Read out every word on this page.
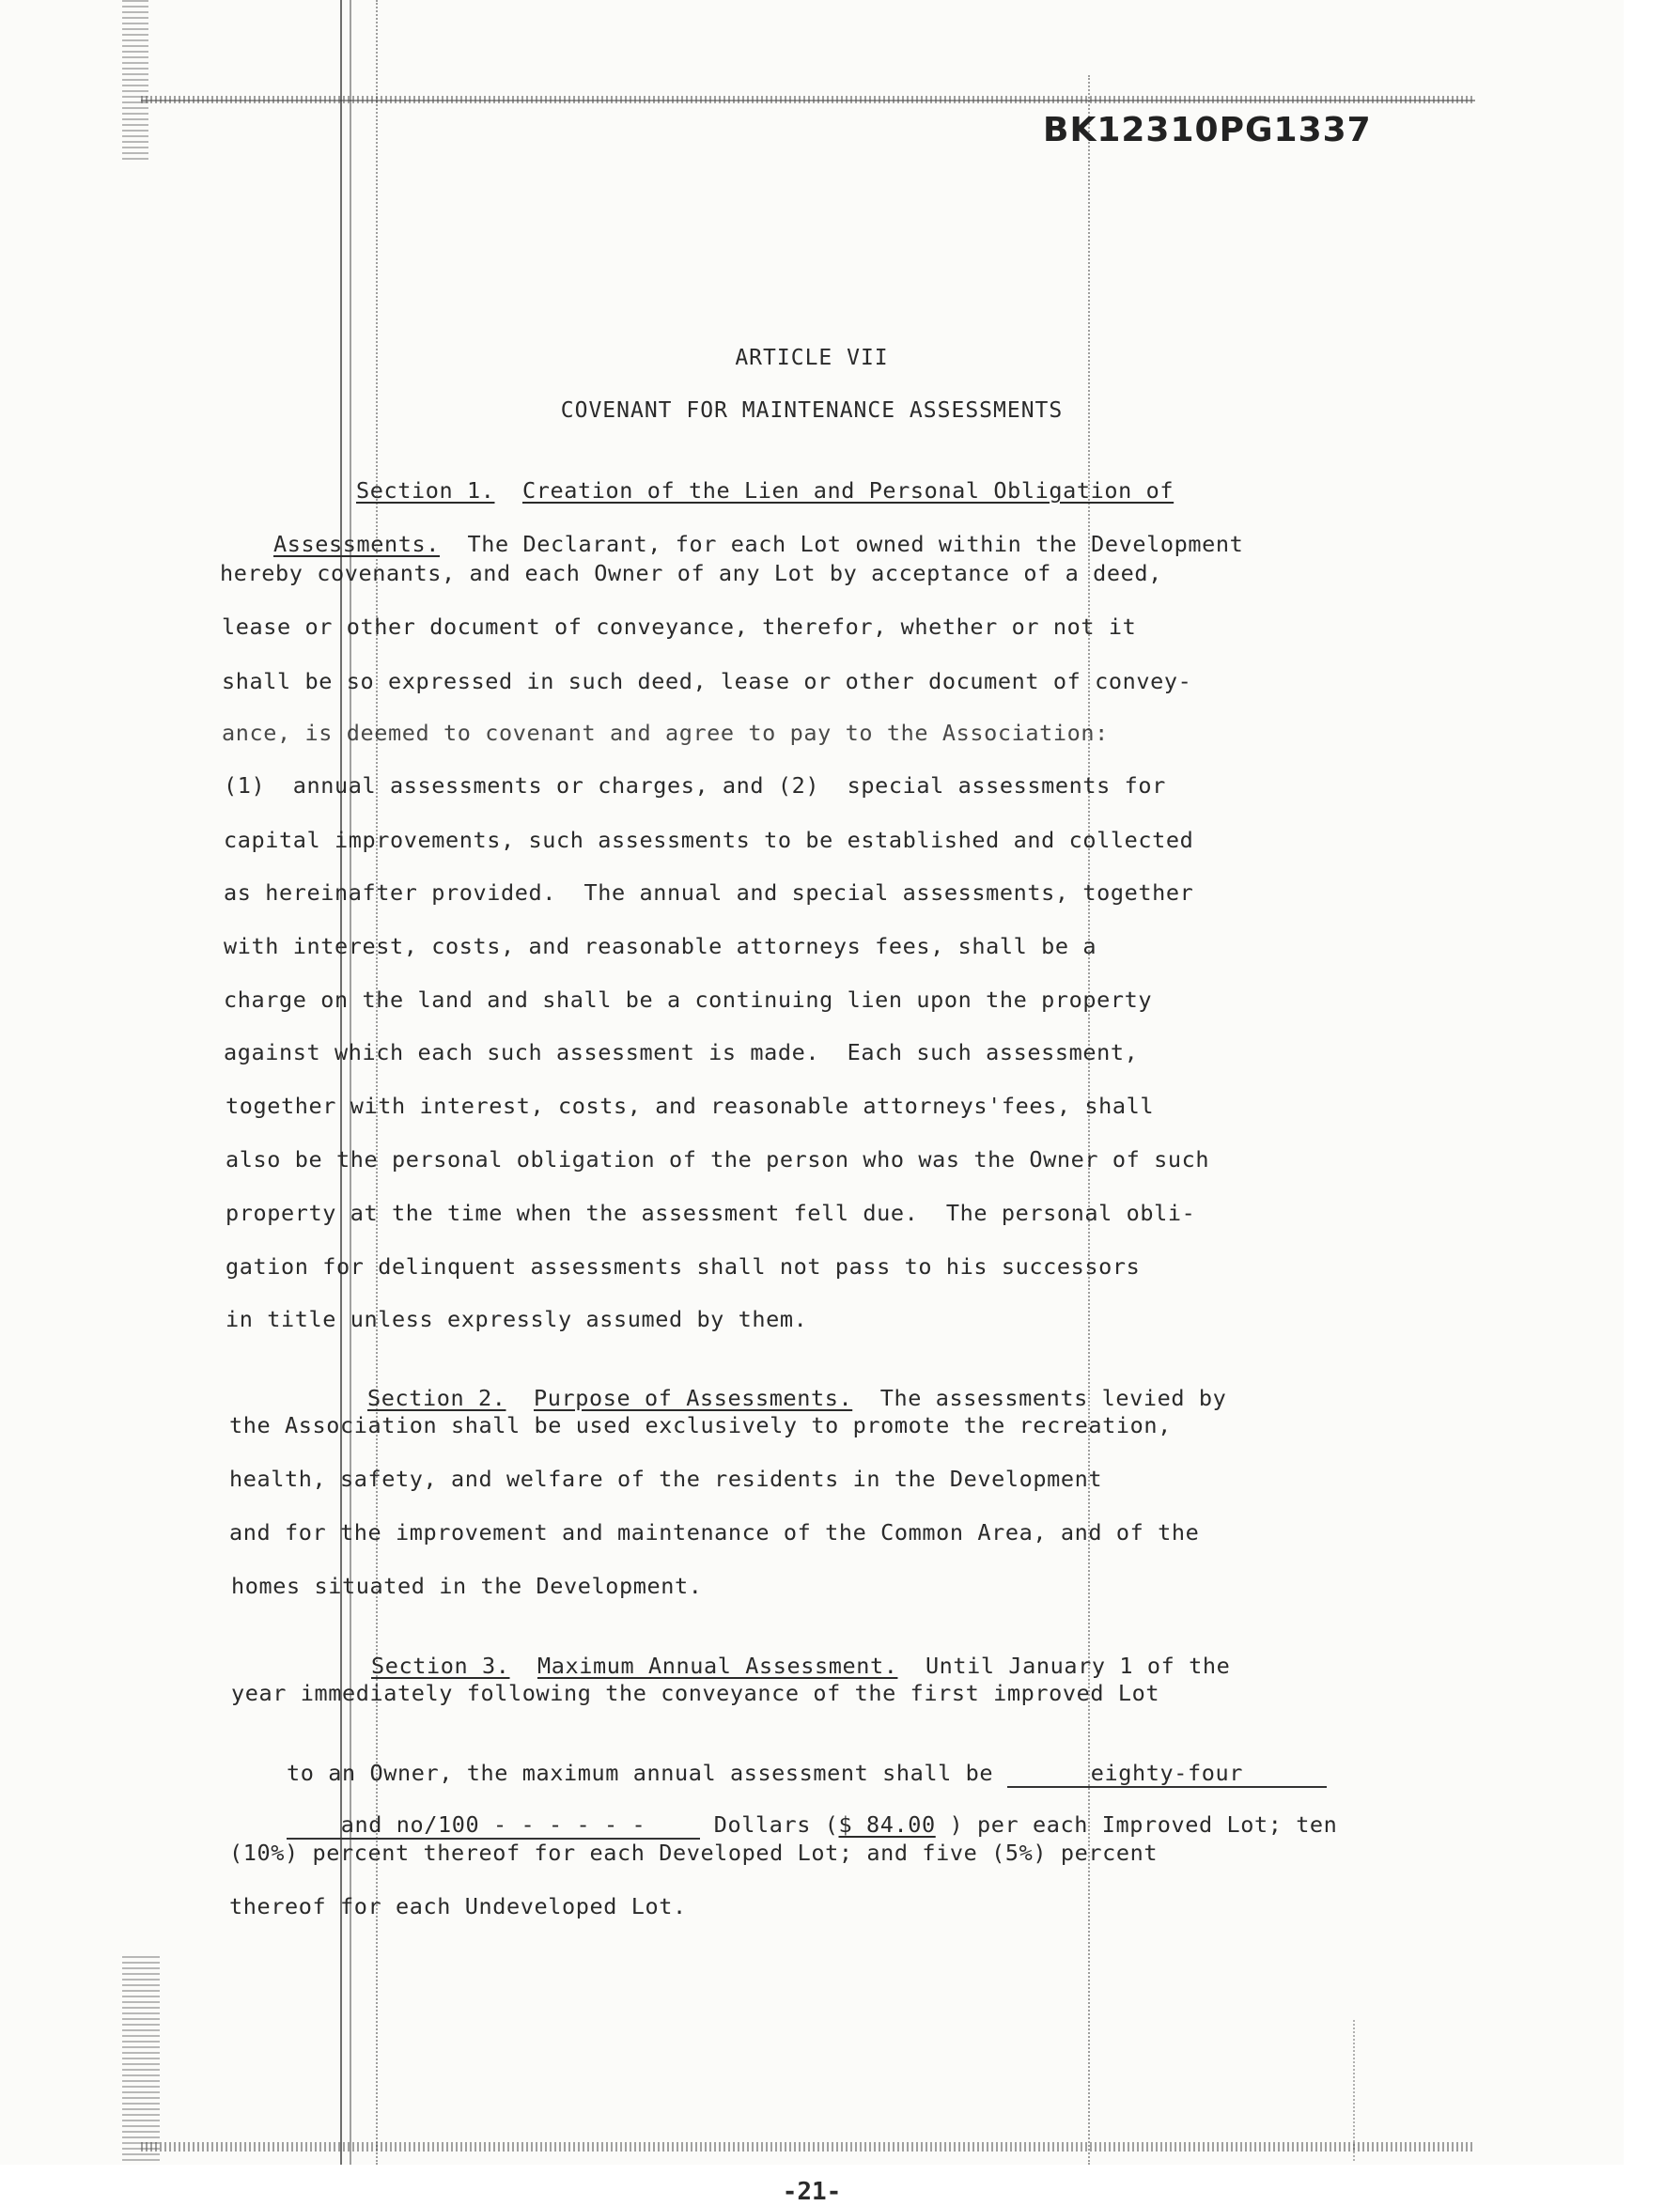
BK12310PG1337
ARTICLE VII
COVENANT FOR MAINTENANCE ASSESSMENTS

Section 1. Creation of the Lien and Personal Obligation of

Assessments. The Declarant, for each Lot owned within the Development

hereby covenants, and each Owner of any Lot by acceptance of a deed,
lease or other document of conveyance, therefor, whether or not it
shall be so expressed in such deed, lease or other document of convey-
ance, is deemed to covenant and agree to pay to the Association:
(1)  annual assessments or charges, and (2)  special assessments for
capital improvements, such assessments to be established and collected
as hereinafter provided.  The annual and special assessments, together
with interest, costs, and reasonable attorneys fees, shall be a
charge on the land and shall be a continuing lien upon the property
against which each such assessment is made.  Each such assessment,
together with interest, costs, and reasonable attorneys'fees, shall
also be the personal obligation of the person who was the Owner of such
property at the time when the assessment fell due.  The personal obli-
gation for delinquent assessments shall not pass to his successors
in title unless expressly assumed by them.

Section 2. Purpose of Assessments. The assessments levied by

the Association shall be used exclusively to promote the recreation,
health, safety, and welfare of the residents in the Development
and for the improvement and maintenance of the Common Area, and of the
homes situated in the Development.

Section 3. Maximum Annual Assessment. Until January 1 of the

year immediately following the conveyance of the first improved Lot

to an Owner, the maximum annual assessment shall be	eighty-four

and no/100 - - - - - -	Dollars ($ 84.00 ) per each Improved Lot; ten

(10%) percent thereof for each Developed Lot; and five (5%) percent
thereof for each Undeveloped Lot.
-21-
